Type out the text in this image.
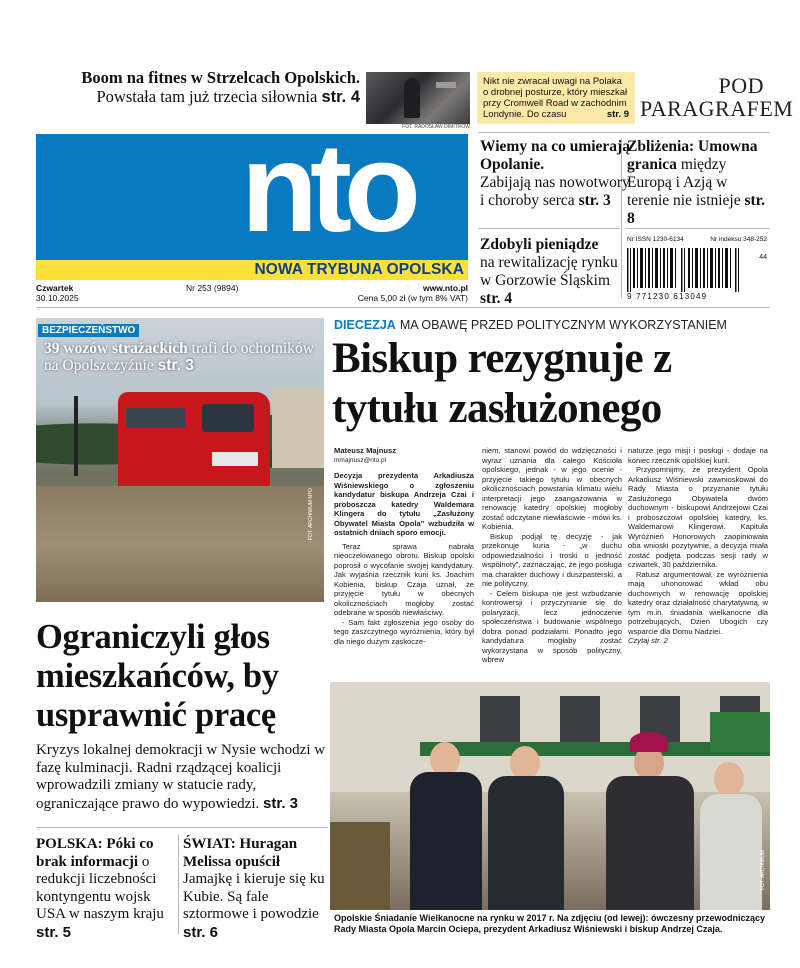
Boom na fitnes w Strzelcach Opolskich.
Powstała tam już trzecia siłownia str. 4
FOT. RADOSŁAW DIMITROW
Nikt nie zwracał uwagi na Polaka o drobnej posturze, który mieszkał przy Cromwell Road w zachodnim Londynie. Do czasu	str. 9
POD
PARAGRAFEM
nto
NOWA TRYBUNA OPOLSKA
Czwartek
30.10.2025
Nr 253 (9894)	www.nto.pl
Cena 5,00 zł (w tym 8% VAT)
Wiemy na co umierają Opolanie.
Zabijają nas nowotwory i choroby serca str. 3
Zbliżenia: Umowna granica między Europą i Azją w terenie nie istnieje str. 8
Zdobyli pieniądze
na rewitalizację rynku w Gorzowie Śląskim str. 4
Nr ISSN 1230-6134	Nr indeksu 348-252
44
9 771230 613049
BEZPIECZEŃSTWO
39 wozów strażackich trafi do ochotników na Opolszczyźnie str. 3
FOT. ARCHIWUM NTO
Ograniczyli głos mieszkańców, by usprawnić pracę
Kryzys lokalnej demokracji w Nysie wchodzi w fazę kulminacji. Radni rządzącej koalicji wprowadzili zmiany w statucie rady, ograniczające prawo do wypowiedzi. str. 3
POLSKA: Póki co brak informacji o redukcji liczebności kontyngentu wojsk USA w naszym kraju str. 5
ŚWIAT: Huragan Melissa opuścił Jamajkę i kieruje się ku Kubie. Są fale sztormowe i powodzie str. 6
DIECEZJA MA OBAWĘ PRZED POLITYCZNYM WYKORZYSTANIEM
Biskup rezygnuje z tytułu zasłużonego
Mateusz Majnusz
mmajnusz@nto.pl

Decyzja prezydenta Arkadiusza Wiśniewskiego o zgłoszeniu kandydatur biskupa Andrzeja Czai i proboszcza katedry Waldemara Klingera do tytułu „Zasłużony Obywatel Miasta Opola” wzbudziła w ostatnich dniach sporo emocji.

Teraz sprawa nabrała nieoczekiwanego obrotu. Biskup opolski poprosił o wycofanie swojej kandydatury. Jak wyjaśnia rzecznik kurii ks. Joachim Kobienia, biskup Czaja uznał, że przyjęcie tytułu w obecnych okolicznościach mogłoby zostać odebrane w sposób niewłaściwy.

- Sam fakt zgłoszenia jego osoby do tego zaszczytnego wyróżnienia, który był dla niego dużym zaskocze-

niem, stanowi powód do wdzięczności i wyraz uznania dla całego Kościoła opolskiego, jednak - w jego ocenie - przyjęcie takiego tytułu w obecnych okolicznościach powstania klimatu wielu interpretacji jego zaangażowania w renowację katedry opolskiej mogłoby zostać odczytane niewłaściwie - mówi ks. Kobienia.

Biskup podjął tę decyzję - jak przekonuje kuria - „w duchu odpowiedzialności i troski o jedność wspólnoty”, zaznaczając, że jego posługa ma charakter duchowy i duszpasterski, a nie polityczny.

- Celem biskupa nie jest wzbudzanie kontrowersji i przyczynianie się do polaryzacji, lecz jednoczenie społeczeństwa i budowanie wspólnego dobra ponad podziałami. Ponadto jego kandydatura mogłaby zostać wykorzystana w sposób polityczny, wbrew

naturze jego misji i posługi - dodaje na koniec rzecznik opolskiej kurii.

Przypomnijmy, że prezydent Opola Arkadiusz Wiśniewski zawnioskował do Rady Miasta o przyznanie tytułu Zasłużonego Obywatela dwóm duchownym - biskupowi Andrzejowi Czai i proboszczowi opolskiej katedry, ks. Waldemarowi Klingerowi. Kapituła Wyróżnień Honorowych zaopiniowała oba wnioski pozytywnie, a decyzja miała zostać podjęta podczas sesji rady w czwartek, 30 października.

Ratusz argumentował, że wyróżnienia mają uhonorować wkład obu duchownych w renowację opolskiej katedry oraz działalność charytatywną, w tym m.in. śniadania wielkanocne dla potrzebujących, Dzień Ubogich czy wsparcie dla Domu Nadziei.

Czytaj str. 2

FOT. ARCHIWUM
Opolskie Śniadanie Wielkanocne na rynku w 2017 r. Na zdjęciu (od lewej): ówczesny przewodniczący Rady Miasta Opola Marcin Ociepa, prezydent Arkadiusz Wiśniewski i biskup Andrzej Czaja.
